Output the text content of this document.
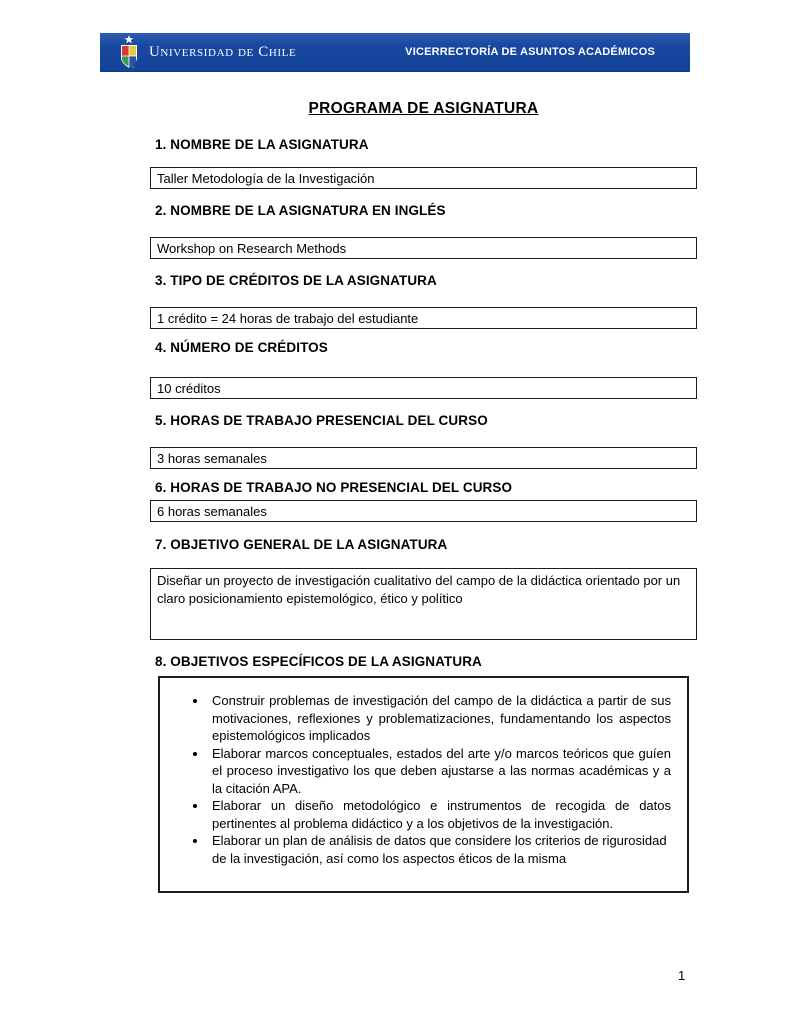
Universidad de Chile	VICERRECTORÍA DE ASUNTOS ACADÉMICOS
PROGRAMA DE ASIGNATURA
1. NOMBRE DE LA ASIGNATURA
Taller Metodología de la Investigación
2. NOMBRE DE LA ASIGNATURA EN INGLÉS
Workshop on Research Methods
3. TIPO DE CRÉDITOS DE LA ASIGNATURA
1 crédito = 24 horas de trabajo del estudiante
4. NÚMERO DE CRÉDITOS
10 créditos
5. HORAS DE TRABAJO PRESENCIAL DEL CURSO
3 horas semanales
6. HORAS DE TRABAJO NO PRESENCIAL DEL CURSO
6 horas semanales
7. OBJETIVO GENERAL DE LA ASIGNATURA
Diseñar un proyecto de investigación cualitativo del campo de la didáctica orientado por un claro posicionamiento epistemológico, ético y político
8. OBJETIVOS ESPECÍFICOS DE LA ASIGNATURA
• Construir problemas de investigación del campo de la didáctica a partir de sus motivaciones, reflexiones y problematizaciones, fundamentando los aspectos epistemológicos implicados
• Elaborar marcos conceptuales, estados del arte y/o marcos teóricos que guíen el proceso investigativo los que deben ajustarse a las normas académicas y a la citación APA.
• Elaborar un diseño metodológico e instrumentos de recogida de datos pertinentes al problema didáctico y a los objetivos de la investigación.
• Elaborar un plan de análisis de datos que considere los criterios de rigurosidad de la investigación, así como los aspectos éticos de la misma
1
